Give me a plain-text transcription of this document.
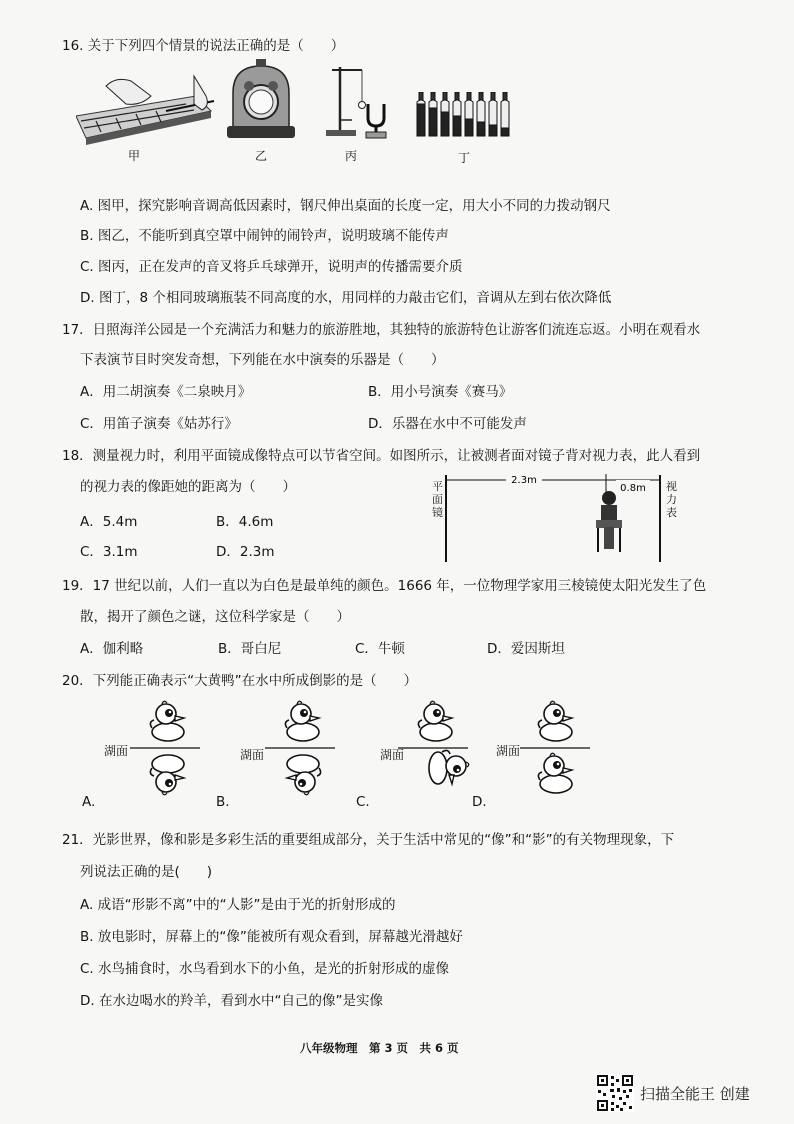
16. 关于下列四个情景的说法正确的是（　　）
甲	乙	丙	丁
A. 图甲，探究影响音调高低因素时，钢尺伸出桌面的长度一定，用大小不同的力拨动钢尺
B. 图乙，不能听到真空罩中闹钟的闹铃声，说明玻璃不能传声
C. 图丙，正在发声的音叉将乒乓球弹开，说明声的传播需要介质
D. 图丁，8 个相同玻璃瓶装不同高度的水，用同样的力敲击它们，音调从左到右依次降低
17．日照海洋公园是一个充满活力和魅力的旅游胜地，其独特的旅游特色让游客们流连忘返。小明在观看水
下表演节目时突发奇想，下列能在水中演奏的乐器是（　　）
A．用二胡演奏《二泉映月》	B．用小号演奏《赛马》
C．用笛子演奏《姑苏行》	D．乐器在水中不可能发声
18．测量视力时，利用平面镜成像特点可以节省空间。如图所示，让被测者面对镜子背对视力表，此人看到
的视力表的像距她的距离为（　　）
A．5.4m	B．4.6m
C．3.1m	D．2.3m
2.3m
0.8m
平面镜
视力表
19．17 世纪以前，人们一直以为白色是最单纯的颜色。1666 年，一位物理学家用三棱镜使太阳光发生了色
散，揭开了颜色之谜，这位科学家是（　　）
A．伽利略	B．哥白尼	C．牛顿	D．爱因斯坦
20．下列能正确表示“大黄鸭”在水中所成倒影的是（　　）
湖面
A.
湖面
B.
湖面
C.
湖面
D.
21．光影世界，像和影是多彩生活的重要组成部分，关于生活中常见的“像”和“影”的有关物理现象，下
列说法正确的是(　　)
A. 成语“形影不离”中的“人影”是由于光的折射形成的
B. 放电影时，屏幕上的“像”能被所有观众看到，屏幕越光滑越好
C. 水鸟捕食时，水鸟看到水下的小鱼，是光的折射形成的虚像
D. 在水边喝水的羚羊，看到水中“自己的像”是实像
八年级物理　第 3 页　共 6 页
扫描全能王 创建
